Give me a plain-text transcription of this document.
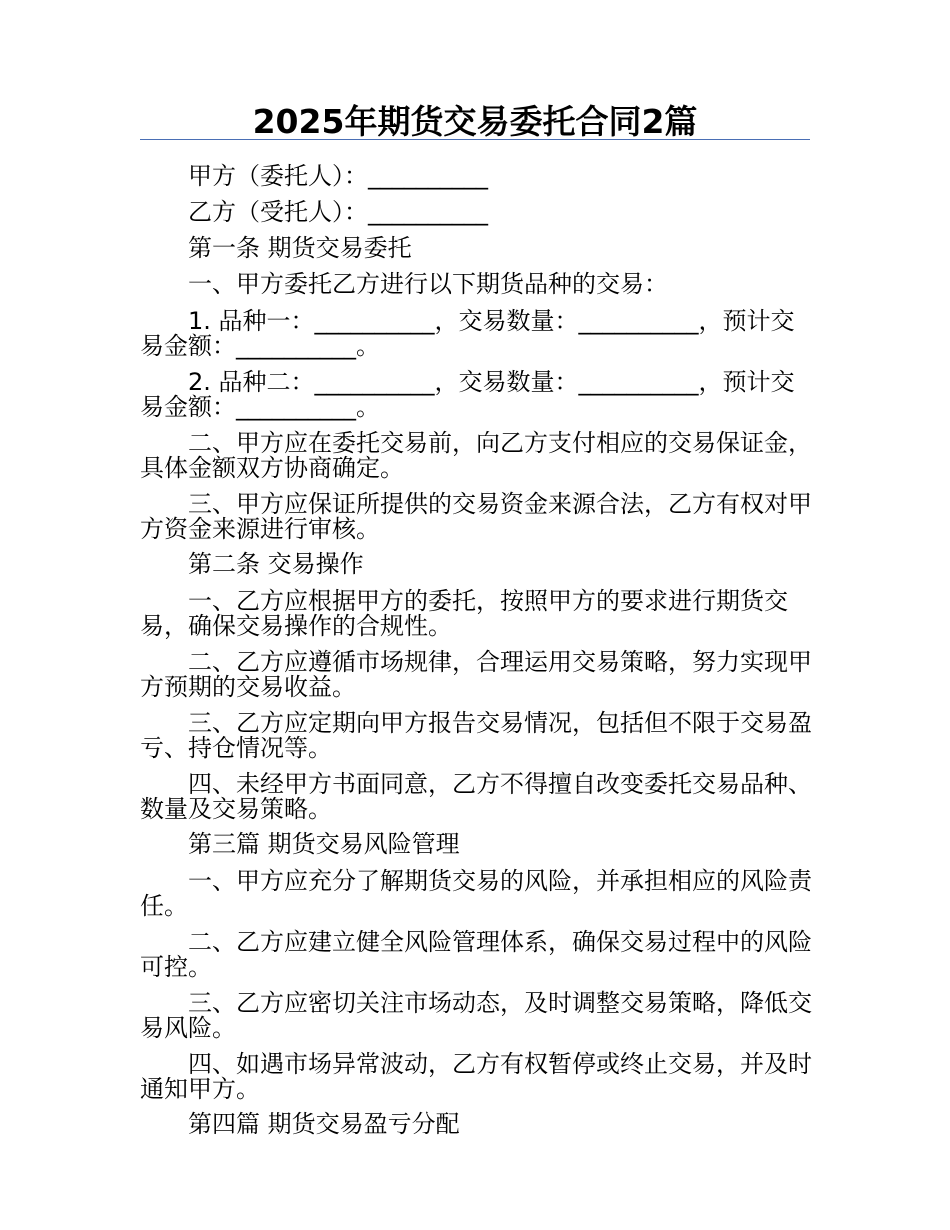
2025年期货交易委托合同2篇

甲方（委托人）：__________

乙方（受托人）：__________

第一条 期货交易委托

一、甲方委托乙方进行以下期货品种的交易：

1. 品种一：__________，交易数量：__________，预计交易金额：__________。

2. 品种二：__________，交易数量：__________，预计交易金额：__________。

二、甲方应在委托交易前，向乙方支付相应的交易保证金，具体金额双方协商确定。

三、甲方应保证所提供的交易资金来源合法，乙方有权对甲方资金来源进行审核。

第二条 交易操作

一、乙方应根据甲方的委托，按照甲方的要求进行期货交易，确保交易操作的合规性。

二、乙方应遵循市场规律，合理运用交易策略，努力实现甲方预期的交易收益。

三、乙方应定期向甲方报告交易情况，包括但不限于交易盈亏、持仓情况等。

四、未经甲方书面同意，乙方不得擅自改变委托交易品种、数量及交易策略。

第三篇 期货交易风险管理

一、甲方应充分了解期货交易的风险，并承担相应的风险责任。

二、乙方应建立健全风险管理体系，确保交易过程中的风险可控。

三、乙方应密切关注市场动态，及时调整交易策略，降低交易风险。

四、如遇市场异常波动，乙方有权暂停或终止交易，并及时通知甲方。

第四篇 期货交易盈亏分配
